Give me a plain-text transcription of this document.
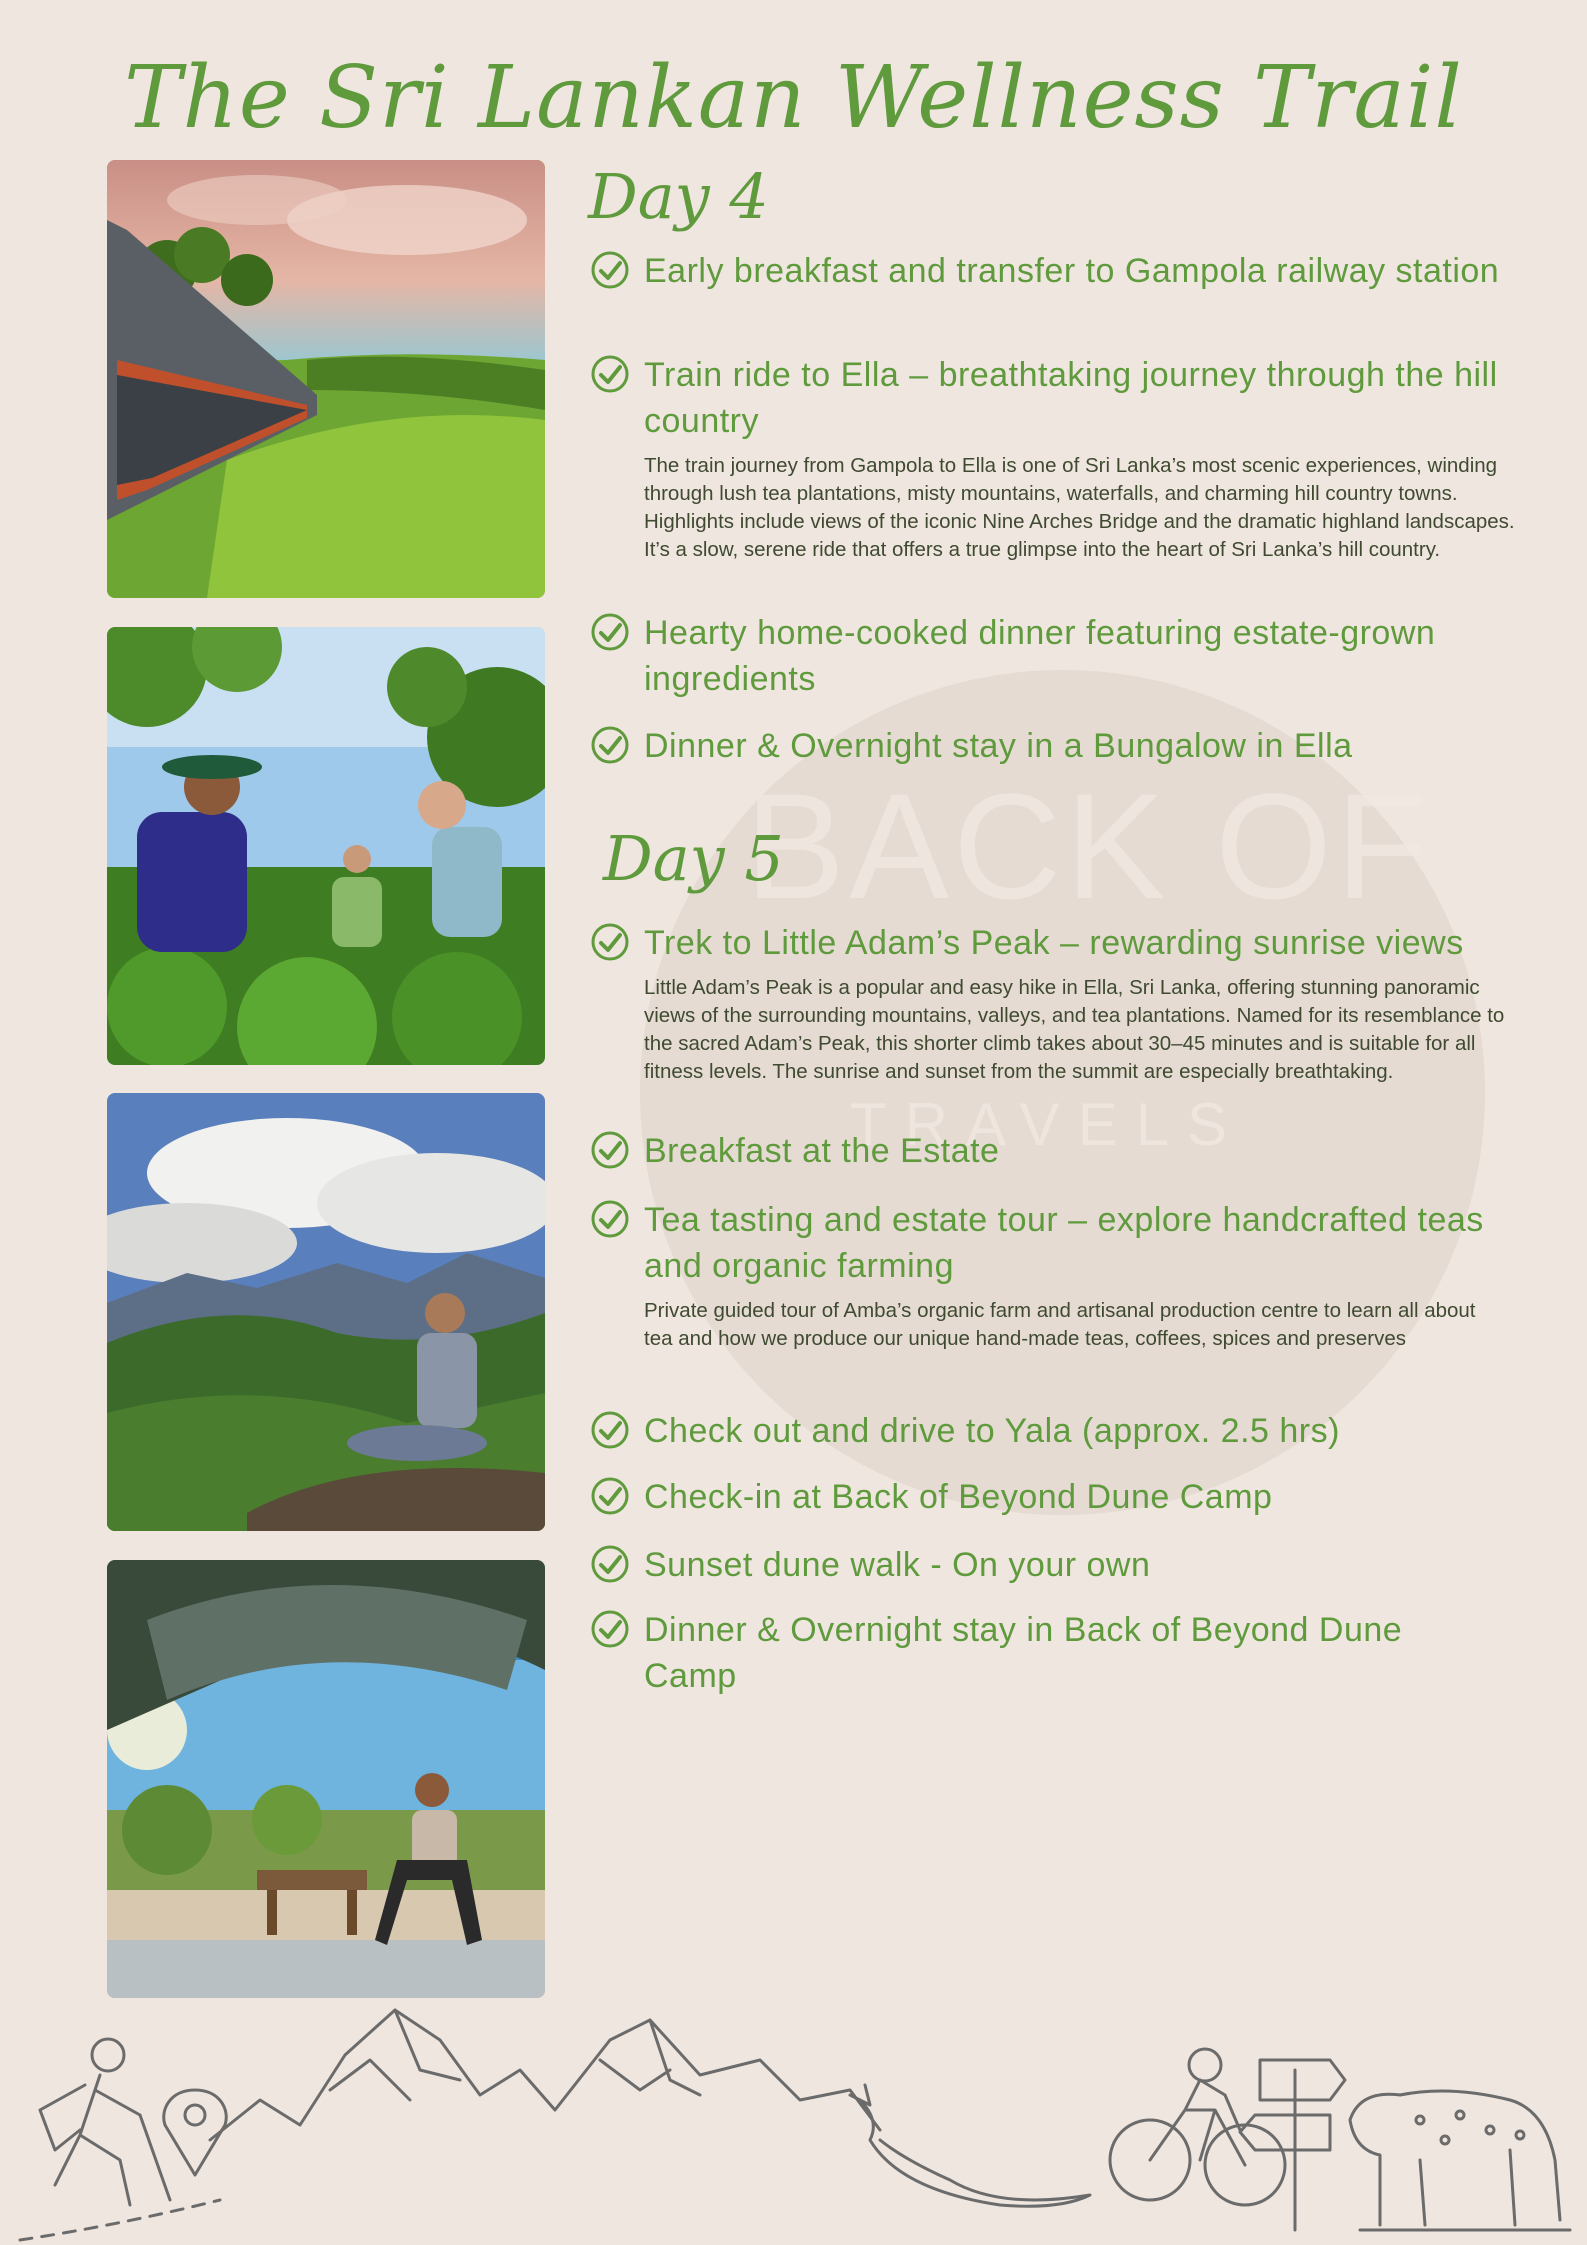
BACK OF
TRAVELS
The Sri Lankan Wellness Trail
Day 4
Early breakfast and transfer to Gampola railway station
Train ride to Ella – breathtaking journey through the hill country
The train journey from Gampola to Ella is one of Sri Lanka’s most scenic experiences, winding through lush tea plantations, misty mountains, waterfalls, and charming hill country towns. Highlights include views of the iconic Nine Arches Bridge and the dramatic highland landscapes. It’s a slow, serene ride that offers a true glimpse into the heart of Sri Lanka’s hill country.
Hearty home-cooked dinner featuring estate-grown ingredients
Dinner & Overnight stay in a Bungalow in Ella
Day 5
Trek to Little Adam’s Peak – rewarding sunrise views
Little Adam’s Peak is a popular and easy hike in Ella, Sri Lanka, offering stunning panoramic views of the surrounding mountains, valleys, and tea plantations. Named for its resemblance to the sacred Adam’s Peak, this shorter climb takes about 30–45 minutes and is suitable for all fitness levels. The sunrise and sunset from the summit are especially breathtaking.
Breakfast at the Estate
Tea tasting and estate tour – explore handcrafted teas and organic farming
Private guided tour of Amba’s organic farm and artisanal production centre to learn all about tea and how we produce our unique hand-made teas, coffees, spices and preserves
Check out and drive to Yala (approx. 2.5 hrs)
Check-in at Back of Beyond Dune Camp
Sunset dune walk - On your own
Dinner & Overnight stay in Back of Beyond Dune Camp
